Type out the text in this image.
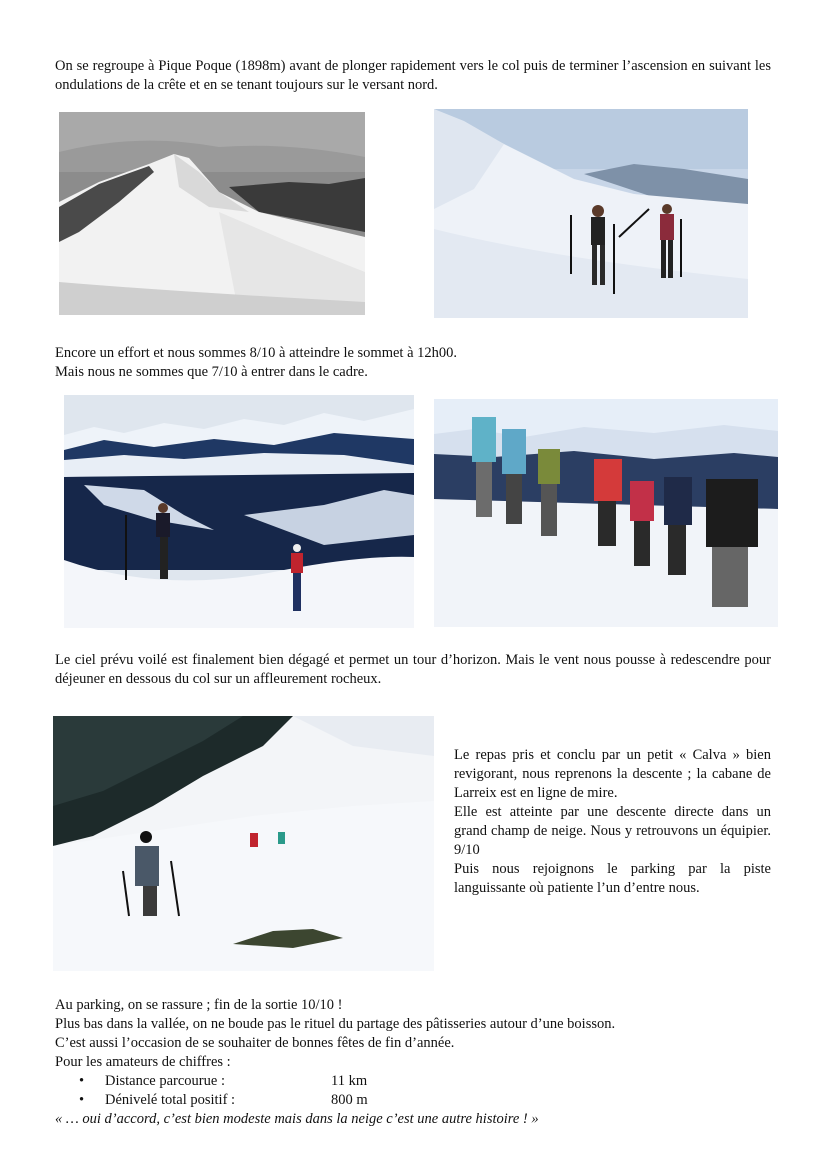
On se regroupe à Pique Poque (1898m) avant de plonger rapidement vers le col puis de terminer l’ascension en suivant les ondulations de la crête et en se tenant toujours sur le versant nord.
Encore un effort et nous sommes 8/10 à atteindre le sommet à 12h00.
Mais nous ne sommes que 7/10 à entrer dans le cadre.
Le ciel prévu voilé est finalement bien dégagé et permet un tour d’horizon. Mais le vent nous pousse à redescendre pour déjeuner en dessous du col sur un affleurement rocheux.
Le repas pris et conclu par un petit « Calva » bien revigorant, nous reprenons la descente ; la cabane de Larreix est en ligne de mire.
Elle est atteinte par une descente directe dans un grand champ de neige. Nous y retrouvons un équipier. 9/10
Puis nous rejoignons le parking par la piste languissante où patiente l’un d’entre nous.
Au parking, on se rassure ; fin de la sortie 10/10 !
Plus bas dans la vallée, on ne boude pas le rituel du partage des pâtisseries autour d’une boisson.
C’est aussi l’occasion de se souhaiter de bonnes fêtes de fin d’année.
Pour les amateurs de chiffres :
• Distance parcourue :	11 km
• Dénivelé total positif :	800 m
« … oui d’accord, c’est bien modeste mais dans la neige c’est une autre histoire ! »
